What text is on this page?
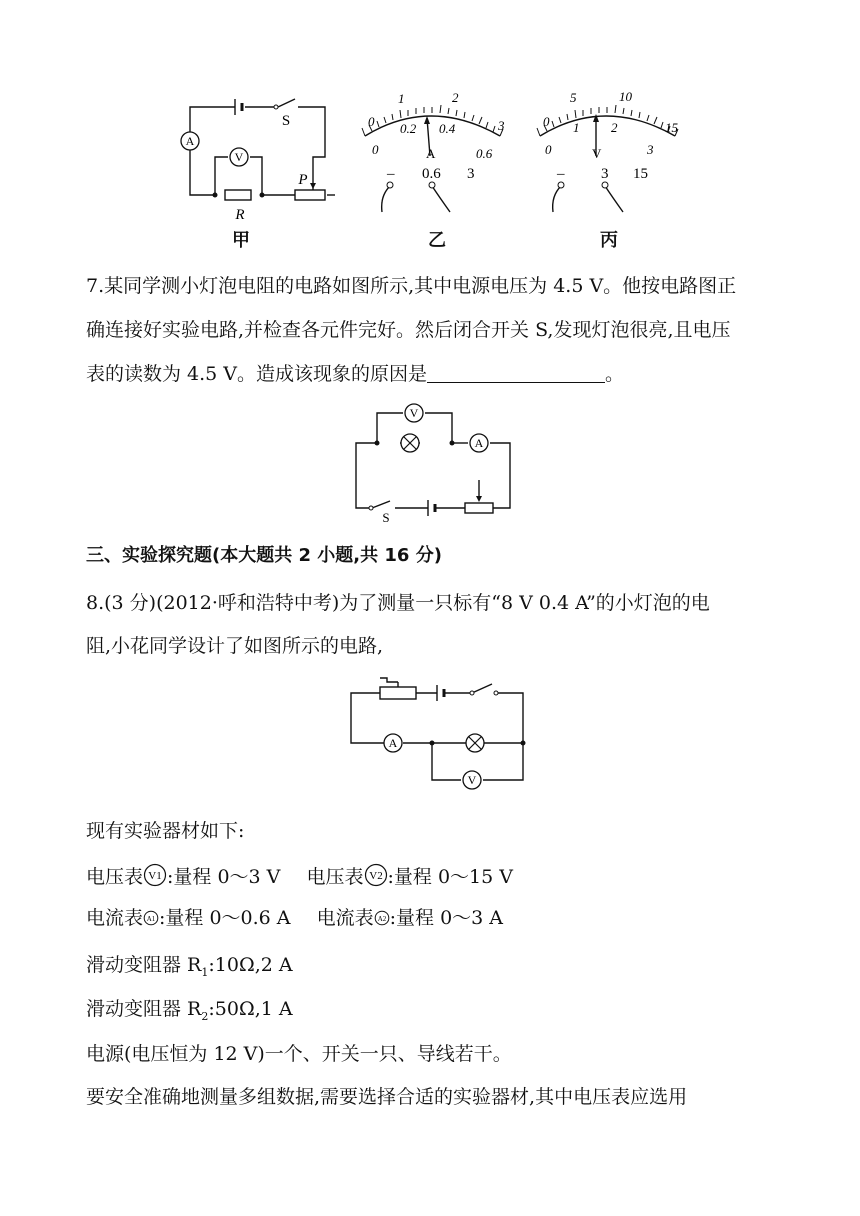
A
V
S
R
P
甲
0
1	2
3
0
0.2 0.4
0.6
A
– 0.6 3
乙
0
5	10
15
0
1 2
3
V
– 3 15
丙
7.某同学测小灯泡电阻的电路如图所示,其中电源电压为 4.5 V。他按电路图正
确连接好实验电路,并检查各元件完好。然后闭合开关 S,发现灯泡很亮,且电压
表的读数为 4.5 V。造成该现象的原因是	。
V
A
S
三、实验探究题(本大题共 2 小题,共 16 分)
8.(3 分)(2012·呼和浩特中考)为了测量一只标有“8 V 0.4 A”的小灯泡的电
阻,小花同学设计了如图所示的电路,
A
V
现有实验器材如下:
电压表 V1 :量程 0～3 V 电压表 V2 :量程 0～15 V
电流表 A1 :量程 0～0.6 A 电流表 A2 :量程 0～3 A
滑动变阻器 $R_1:10\Omega,2$ A
滑动变阻器 $R_2:50\Omega,1$ A
电源(电压恒为 12 V)一个、开关一只、导线若干。
要安全准确地测量多组数据,需要选择合适的实验器材,其中电压表应选用
